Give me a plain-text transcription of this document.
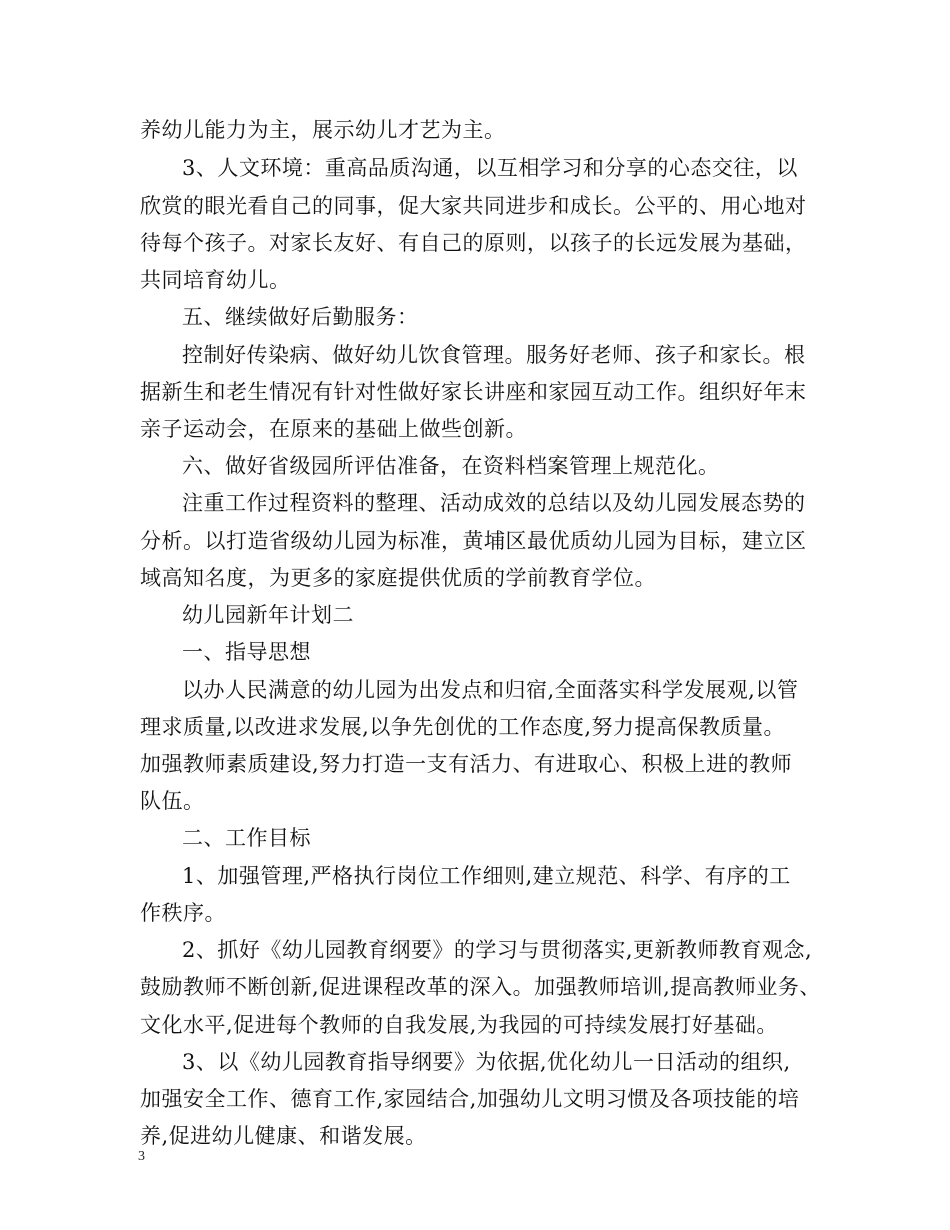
养幼儿能力为主，展示幼儿才艺为主。
3、人文环境：重高品质沟通，以互相学习和分享的心态交往，以
欣赏的眼光看自己的同事，促大家共同进步和成长。公平的、用心地对
待每个孩子。对家长友好、有自己的原则，以孩子的长远发展为基础，
共同培育幼儿。
五、继续做好后勤服务：
控制好传染病、做好幼儿饮食管理。服务好老师、孩子和家长。根
据新生和老生情况有针对性做好家长讲座和家园互动工作。组织好年末
亲子运动会，在原来的基础上做些创新。
六、做好省级园所评估准备，在资料档案管理上规范化。
注重工作过程资料的整理、活动成效的总结以及幼儿园发展态势的
分析。以打造省级幼儿园为标准，黄埔区最优质幼儿园为目标，建立区
域高知名度，为更多的家庭提供优质的学前教育学位。
幼儿园新年计划二
一、指导思想
以办人民满意的幼儿园为出发点和归宿,全面落实科学发展观,以管
理求质量,以改进求发展,以争先创优的工作态度,努力提高保教质量。
加强教师素质建设,努力打造一支有活力、有进取心、积极上进的教师
队伍。
二、工作目标
1、加强管理,严格执行岗位工作细则,建立规范、科学、有序的工
作秩序。
2、抓好《幼儿园教育纲要》的学习与贯彻落实,更新教师教育观念,
鼓励教师不断创新,促进课程改革的深入。加强教师培训,提高教师业务、
文化水平,促进每个教师的自我发展,为我园的可持续发展打好基础。
3、以《幼儿园教育指导纲要》为依据,优化幼儿一日活动的组织,
加强安全工作、德育工作,家园结合,加强幼儿文明习惯及各项技能的培
养,促进幼儿健康、和谐发展。
3
